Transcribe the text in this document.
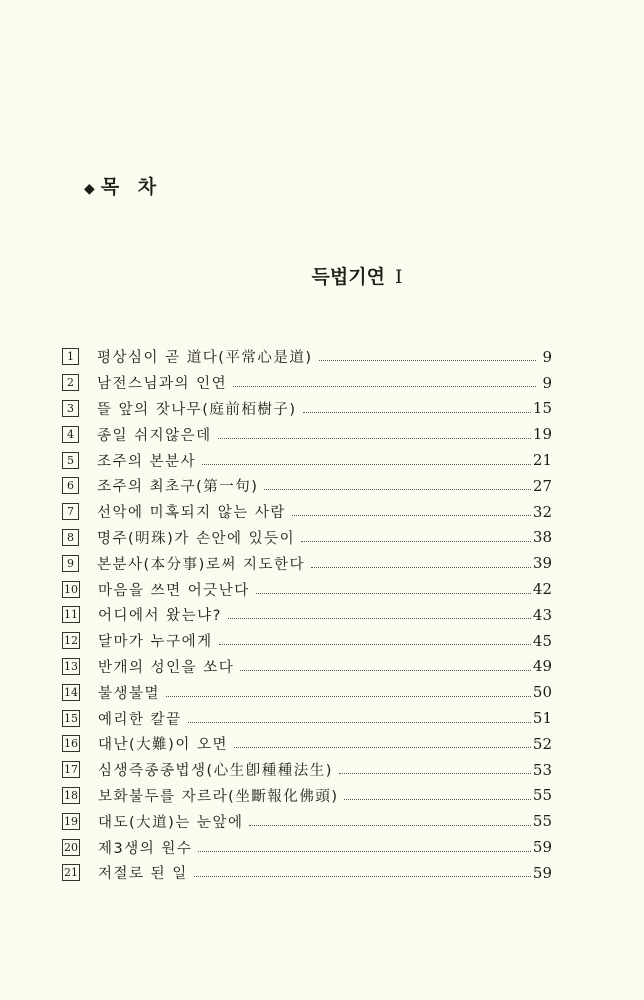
◆ 목 차
득법기연 I
1	평상심이 곧 道다(平常心是道)	9
2	남전스님과의 인연	9
3	뜰 앞의 잣나무(庭前栢樹子)	15
4	종일 쉬지않은데	19
5	조주의 본분사	21
6	조주의 최초구(第一句)	27
7	선악에 미혹되지 않는 사람	32
8	명주(明珠)가 손안에 있듯이	38
9	본분사(本分事)로써 지도한다	39
10 마음을 쓰면 어긋난다	42
11 어디에서 왔는냐?	43
12 달마가 누구에게	45
13 반개의 성인을 쏘다	49
14 불생불멸	50
15 예리한 칼끝	51
16 대난(大難)이 오면	52
17 심생즉종종법생(心生卽種種法生)	53
18 보화불두를 자르라(坐斷報化佛頭)	55
19 대도(大道)는 눈앞에	55
20 제3생의 원수	59
21 저절로 된 일	59
